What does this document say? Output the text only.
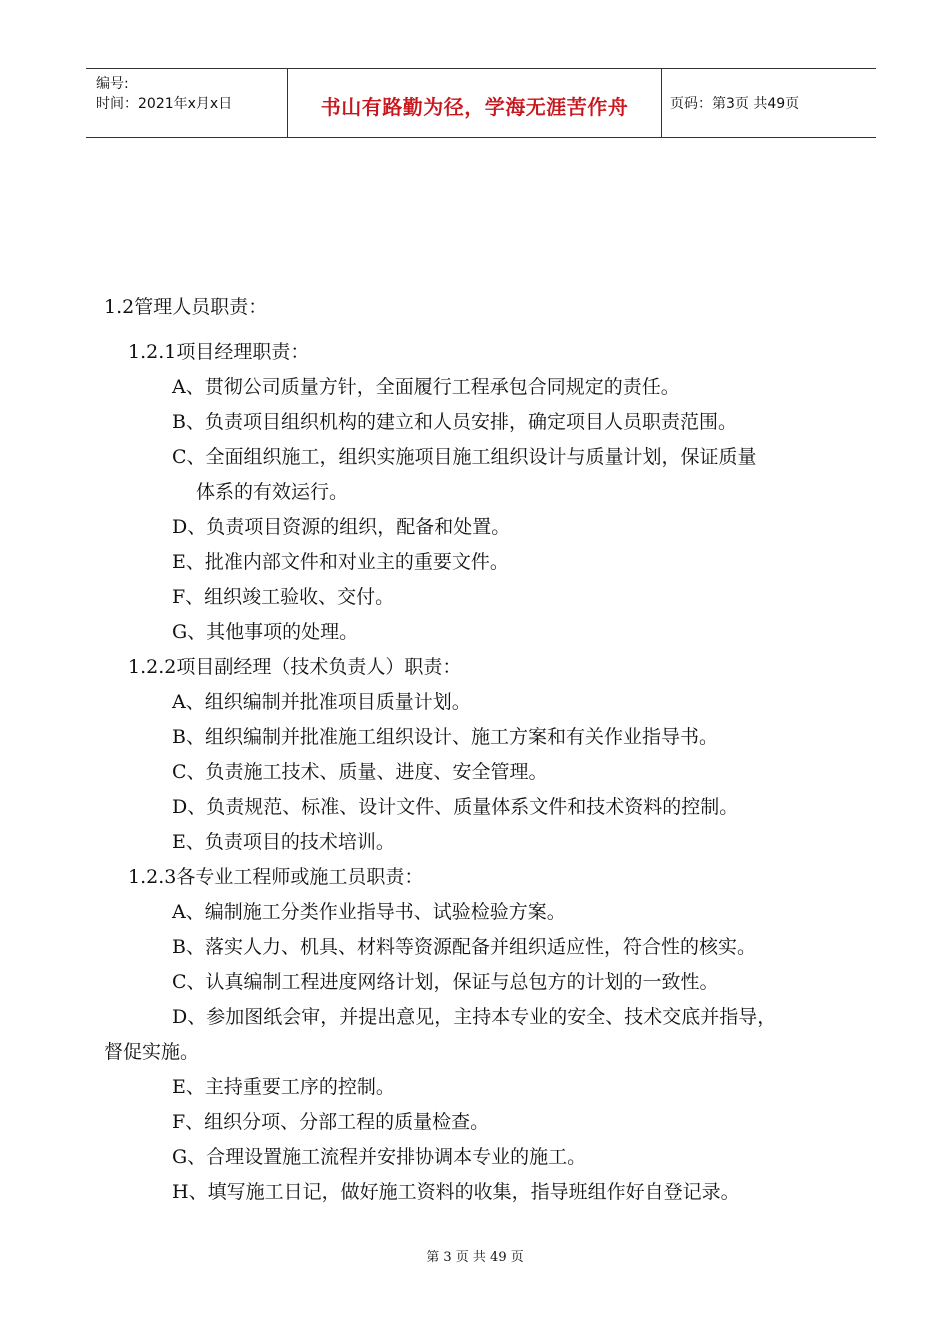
编号:
时间：2021年x月x日	书山有路勤为径，学海无涯苦作舟	页码：第3页 共49页
1.2管理人员职责：
1.2.1项目经理职责：
A、贯彻公司质量方针，全面履行工程承包合同规定的责任。
B、负责项目组织机构的建立和人员安排，确定项目人员职责范围。
C、全面组织施工，组织实施项目施工组织设计与质量计划，保证质量
体系的有效运行。
D、负责项目资源的组织，配备和处置。
E、批准内部文件和对业主的重要文件。
F、组织竣工验收、交付。
G、其他事项的处理。
1.2.2项目副经理（技术负责人）职责：
A、组织编制并批准项目质量计划。
B、组织编制并批准施工组织设计、施工方案和有关作业指导书。
C、负责施工技术、质量、进度、安全管理。
D、负责规范、标准、设计文件、质量体系文件和技术资料的控制。
E、负责项目的技术培训。
1.2.3各专业工程师或施工员职责：
A、编制施工分类作业指导书、试验检验方案。
B、落实人力、机具、材料等资源配备并组织适应性，符合性的核实。
C、认真编制工程进度网络计划，保证与总包方的计划的一致性。
D、参加图纸会审，并提出意见，主持本专业的安全、技术交底并指导，
督促实施。
E、主持重要工序的控制。
F、组织分项、分部工程的质量检查。
G、合理设置施工流程并安排协调本专业的施工。
H、填写施工日记，做好施工资料的收集，指导班组作好自登记录。
第 3 页 共 49 页
